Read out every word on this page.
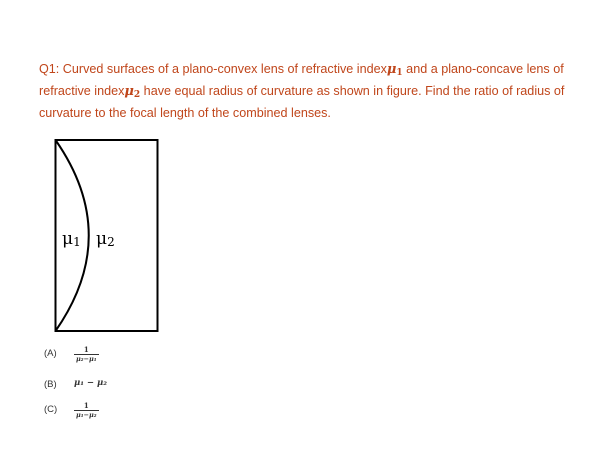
Q1: Curved surfaces of a plano-convex lens of refractive indexμ$_1$ and a plano-concave lens of refractive indexμ$_2$ have equal radius of curvature as shown in figure. Find the ratio of radius of curvature to the focal length of the combined lenses.
μ1 μ2
(A)	1
μ₂−μ₁
(B) μ₁ − μ₂
(C)	1
μ₁−μ₂
